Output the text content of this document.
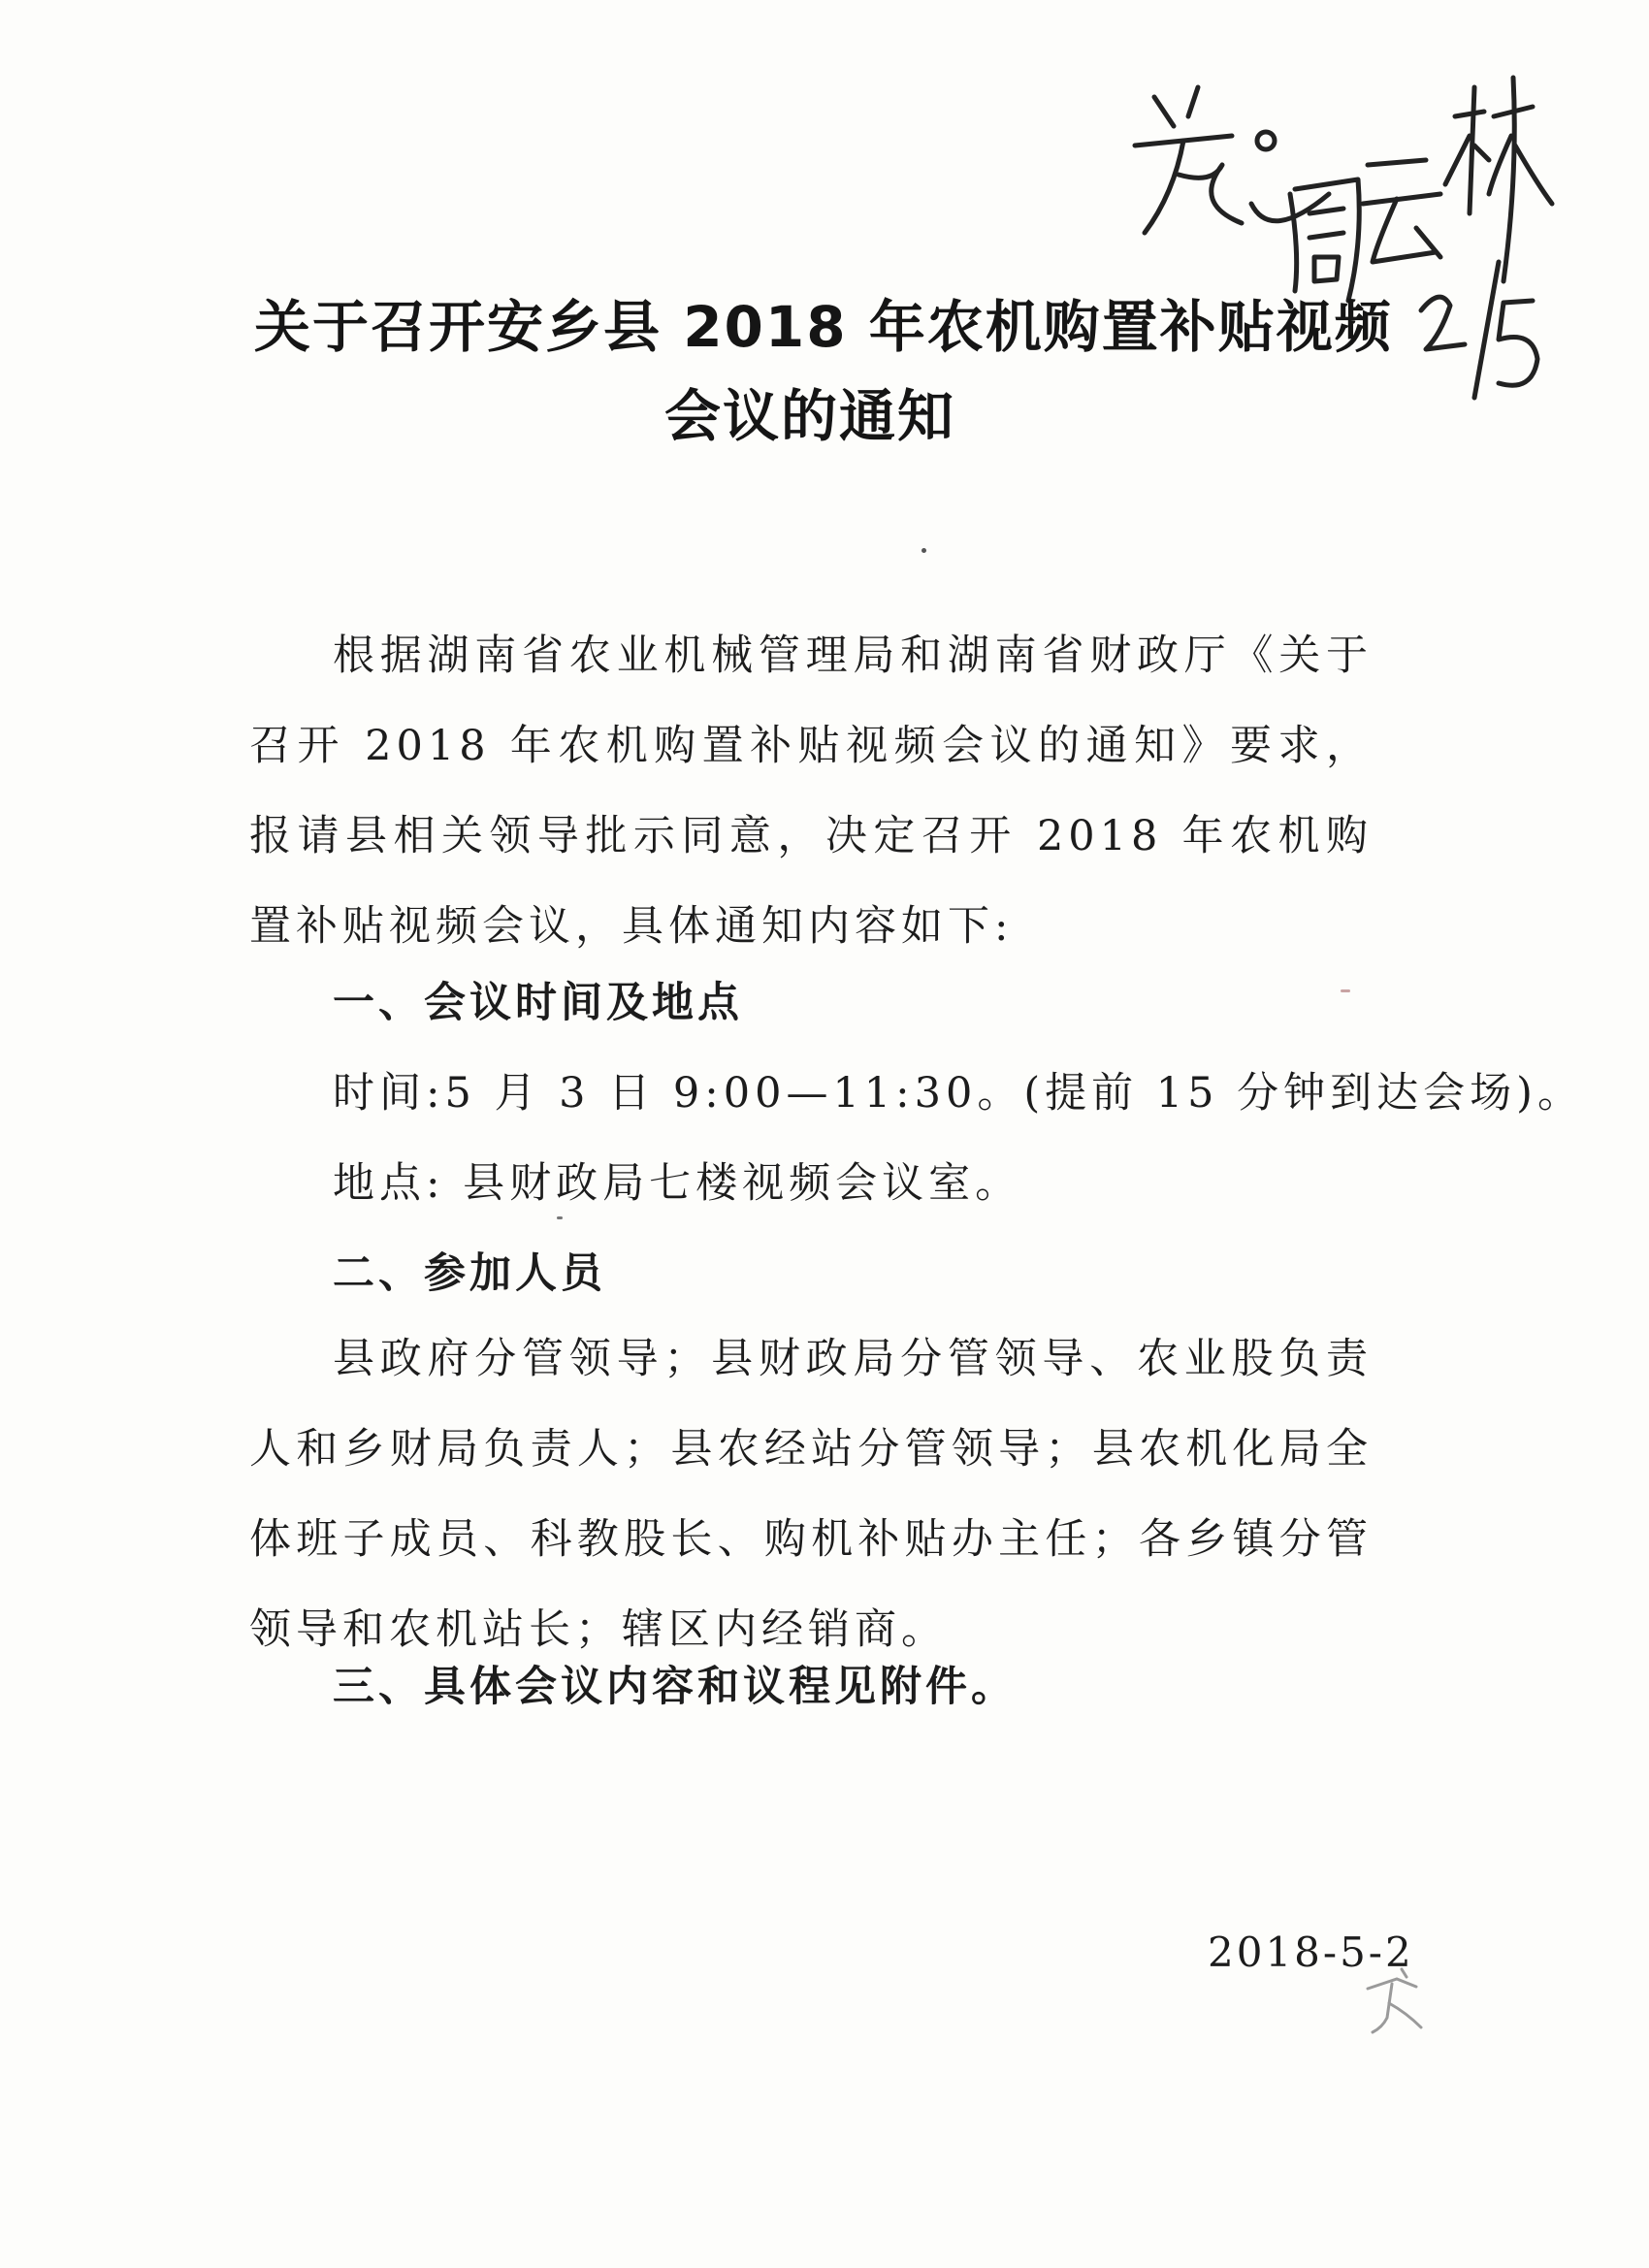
关于召开安乡县 2018 年农机购置补贴视频
会议的通知

根据湖南省农业机械管理局和湖南省财政厅《关于召开 2018 年农机购置补贴视频会议的通知》要求，报请县相关领导批示同意，决定召开 2018 年农机购置补贴视频会议，具体通知内容如下:

一、会议时间及地点
时间:5 月 3 日 9:00—11:30。(提前 15 分钟到达会场)。
地点: 县财政局七楼视频会议室。
二、参加人员

县政府分管领导；县财政局分管领导、农业股负责人和乡财局负责人；县农经站分管领导；县农机化局全体班子成员、科教股长、购机补贴办主任；各乡镇分管领导和农机站长；辖区内经销商。

三、具体会议内容和议程见附件。
2018-5-2
